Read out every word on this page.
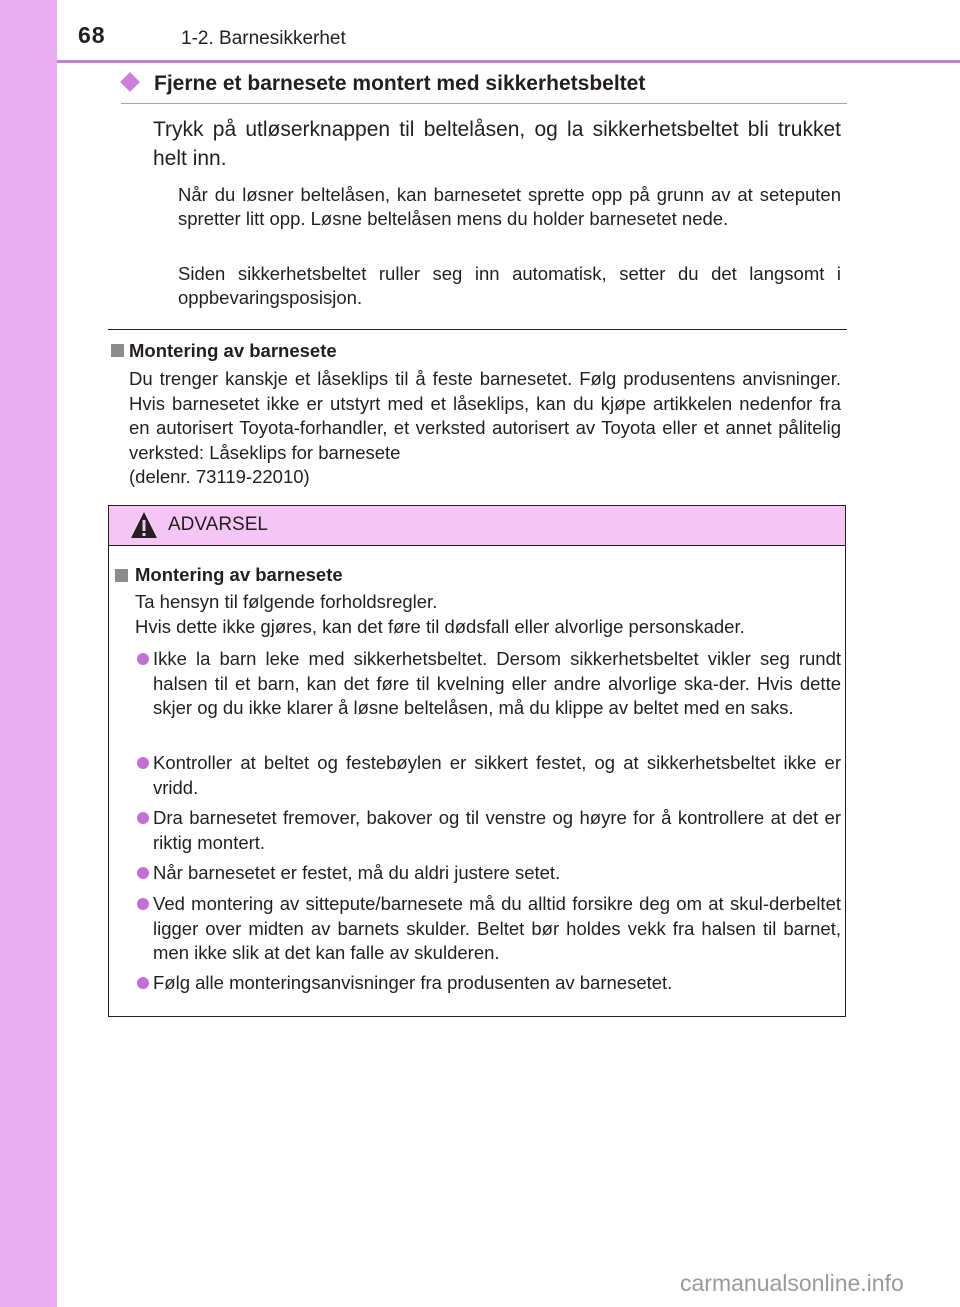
68	1-2. Barnesikkerhet
Fjerne et barnesete montert med sikkerhetsbeltet
Trykk på utløserknappen til beltelåsen, og la sikkerhetsbeltet bli trukket helt inn.
Når du løsner beltelåsen, kan barnesetet sprette opp på grunn av at seteputen spretter litt opp. Løsne beltelåsen mens du holder barnesetet nede.
Siden sikkerhetsbeltet ruller seg inn automatisk, setter du det langsomt i oppbevaringsposisjon.
Montering av barnesete
Du trenger kanskje et låseklips til å feste barnesetet. Følg produsentens anvisninger. Hvis barnesetet ikke er utstyrt med et låseklips, kan du kjøpe artikkelen nedenfor fra en autorisert Toyota-forhandler, et verksted autorisert av Toyota eller et annet pålitelig verksted: Låseklips for barnesete
(delenr. 73119-22010)
ADVARSEL
Montering av barnesete
Ta hensyn til følgende forholdsregler.
Hvis dette ikke gjøres, kan det føre til dødsfall eller alvorlige personskader.
Ikke la barn leke med sikkerhetsbeltet. Dersom sikkerhetsbeltet vikler seg rundt halsen til et barn, kan det føre til kvelning eller andre alvorlige ska-der. Hvis dette skjer og du ikke klarer å løsne beltelåsen, må du klippe av beltet med en saks.
Kontroller at beltet og festebøylen er sikkert festet, og at sikkerhetsbeltet ikke er vridd.
Dra barnesetet fremover, bakover og til venstre og høyre for å kontrollere at det er riktig montert.
Når barnesetet er festet, må du aldri justere setet.
Ved montering av sittepute/barnesete må du alltid forsikre deg om at skul-derbeltet ligger over midten av barnets skulder. Beltet bør holdes vekk fra halsen til barnet, men ikke slik at det kan falle av skulderen.
Følg alle monteringsanvisninger fra produsenten av barnesetet.
carmanualsonline.info
